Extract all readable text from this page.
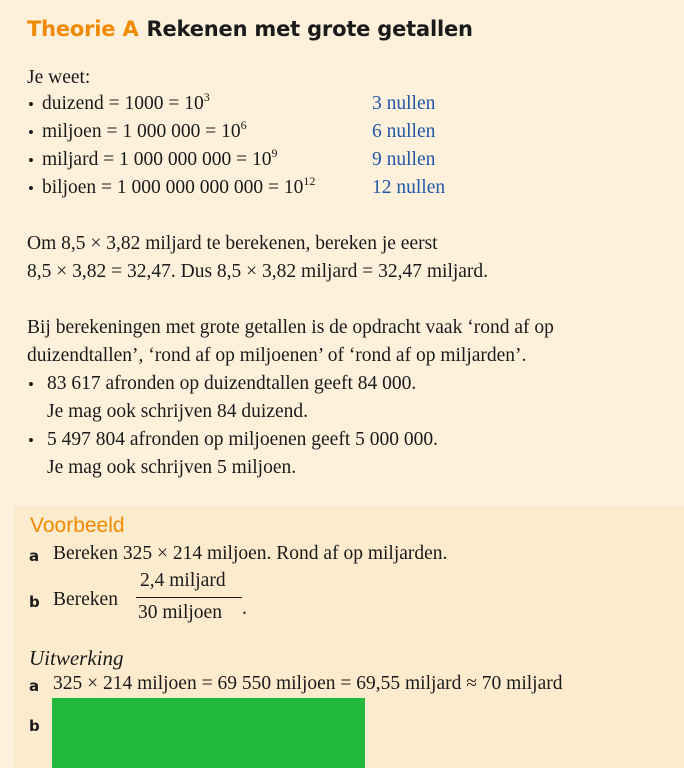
Theorie A Rekenen met grote getallen
Je weet:
• duizend = $1000 = 10^3$	3 nullen
• miljoen = 1 000 $000 = 10^6$	6 nullen
• miljard = 1 000 000 $000 = 10^9$	9 nullen
• biljoen = 1 000 000 000 $000 = 10^{12}$	12 nullen
Om 8,5 × 3,82 miljard te berekenen, bereken je eerst
8,5 × 3,82 = 32,47. Dus 8,5 × 3,82 miljard = 32,47 miljard.
Bij berekeningen met grote getallen is de opdracht vaak ‘rond af op
duizendtallen’, ‘rond af op miljoenen’ of ‘rond af op miljarden’.
• 83 617 afronden op duizendtallen geeft 84 000.
Je mag ook schrijven 84 duizend.
• 5 497 804 afronden op miljoenen geeft 5 000 000.
Je mag ook schrijven 5 miljoen.
Voorbeeld
a Bereken 325 × 214 miljoen. Rond af op miljarden.
b Bereken
2,4 miljard
30 miljoen .
Uitwerking
a 325 × 214 miljoen = 69 550 miljoen = 69,55 miljard ≈ 70 miljard
b
